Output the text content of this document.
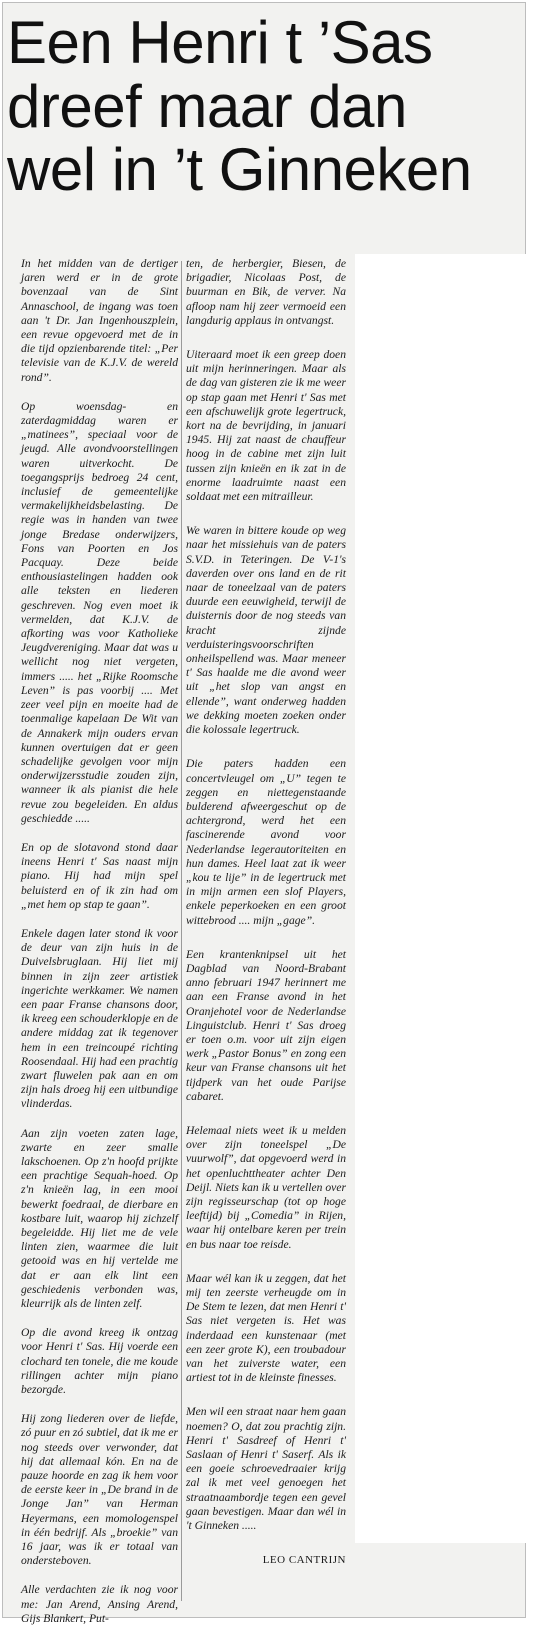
Een Henri t ’Sas
dreef maar dan
wel in ’t Ginneken

In het midden van de dertiger jaren werd er in de grote bovenzaal van de Sint Annaschool, de ingang was toen aan 't Dr. Jan Ingenhouszplein, een revue opgevoerd met de in die tijd opzienbarende titel: „Per televisie van de K.J.V. de wereld rond”.

Op woensdag- en zaterdagmiddag waren er „matinees”, speciaal voor de jeugd. Alle avondvoorstellingen waren uitverkocht. De toegangsprijs bedroeg 24 cent, inclusief de gemeentelijke vermakelijkheidsbelasting. De regie was in handen van twee jonge Bredase onderwijzers, Fons van Poorten en Jos Pacquay. Deze beide enthousiastelingen hadden ook alle teksten en liederen geschreven. Nog even moet ik vermelden, dat K.J.V. de afkorting was voor Katholieke Jeugdvereniging. Maar dat was u wellicht nog niet vergeten, immers ..... het „Rijke Roomsche Leven” is pas voorbij .... Met zeer veel pijn en moeite had de toenmalige kapelaan De Wit van de Annakerk mijn ouders ervan kunnen overtuigen dat er geen schadelijke gevolgen voor mijn onderwijzersstudie zouden zijn, wanneer ik als pianist die hele revue zou begeleiden. En aldus geschiedde .....

En op de slotavond stond daar ineens Henri t' Sas naast mijn piano. Hij had mijn spel beluisterd en of ik zin had om „met hem op stap te gaan”.

Enkele dagen later stond ik voor de deur van zijn huis in de Duivelsbruglaan. Hij liet mij binnen in zijn zeer artistiek ingerichte werkkamer. We namen een paar Franse chansons door, ik kreeg een schouderklopje en de andere middag zat ik tegenover hem in een treincoupé richting Roosendaal. Hij had een prachtig zwart fluwelen pak aan en om zijn hals droeg hij een uitbundige vlinderdas.

Aan zijn voeten zaten lage, zwarte en zeer smalle lakschoenen. Op z'n hoofd prijkte een prachtige Sequah-hoed. Op z'n knieën lag, in een mooi bewerkt foedraal, de dierbare en kostbare luit, waarop hij zichzelf begeleidde. Hij liet me de vele linten zien, waarmee die luit getooid was en hij vertelde me dat er aan elk lint een geschiedenis verbonden was, kleurrijk als de linten zelf.

Op die avond kreeg ik ontzag voor Henri t' Sas. Hij voerde een clochard ten tonele, die me koude rillingen achter mijn piano bezorgde.

Hij zong liederen over de liefde, zó puur en zó subtiel, dat ik me er nog steeds over verwonder, dat hij dat allemaal kón. En na de pauze hoorde en zag ik hem voor de eerste keer in „De brand in de Jonge Jan” van Herman Heyermans, een momologenspel in één bedrijf. Als „broekie” van 16 jaar, was ik er totaal van ondersteboven.

Alle verdachten zie ik nog voor me: Jan Arend, Ansing Arend, Gijs Blankert, Put-

ten, de herbergier, Biesen, de brigadier, Nicolaas Post, de buurman en Bik, de verver. Na afloop nam hij zeer vermoeid een langdurig applaus in ontvangst.

Uiteraard moet ik een greep doen uit mijn herinneringen. Maar als de dag van gisteren zie ik me weer op stap gaan met Henri t' Sas met een afschuwelijk grote legertruck, kort na de bevrijding, in januari 1945. Hij zat naast de chauffeur hoog in de cabine met zijn luit tussen zijn knieën en ik zat in de enorme laadruimte naast een soldaat met een mitrailleur.

We waren in bittere koude op weg naar het missiehuis van de paters S.V.D. in Teteringen. De V-1's daverden over ons land en de rit naar de toneelzaal van de paters duurde een eeuwigheid, terwijl de duisternis door de nog steeds van kracht zijnde verduisteringsvoorschriften onheilspellend was. Maar meneer t' Sas haalde me die avond weer uit „het slop van angst en ellende”, want onderweg hadden we dekking moeten zoeken onder die kolossale legertruck.

Die paters hadden een concertvleugel om „U” tegen te zeggen en niettegenstaande bulderend afweergeschut op de achtergrond, werd het een fascinerende avond voor Nederlandse legerautoriteiten en hun dames. Heel laat zat ik weer „kou te lije” in de legertruck met in mijn armen een slof Players, enkele peperkoeken en een groot wittebrood .... mijn „gage”.

Een krantenknipsel uit het Dagblad van Noord-Brabant anno februari 1947 herinnert me aan een Franse avond in het Oranjehotel voor de Nederlandse Linguistclub. Henri t' Sas droeg er toen o.m. voor uit zijn eigen werk „Pastor Bonus” en zong een keur van Franse chansons uit het tijdperk van het oude Parijse cabaret.

Helemaal niets weet ik u melden over zijn toneelspel „De vuurwolf”, dat opgevoerd werd in het openluchttheater achter Den Deijl. Niets kan ik u vertellen over zijn regisseurschap (tot op hoge leeftijd) bij „Comedia” in Rijen, waar hij ontelbare keren per trein en bus naar toe reisde.

Maar wél kan ik u zeggen, dat het mij ten zeerste verheugde om in De Stem te lezen, dat men Henri t' Sas niet vergeten is. Het was inderdaad een kunstenaar (met een zeer grote K), een troubadour van het zuiverste water, een artiest tot in de kleinste finesses.

Men wil een straat naar hem gaan noemen? O, dat zou prachtig zijn. Henri t' Sasdreef of Henri t' Saslaan of Henri t' Saserf. Als ik een goeie schroevedraaier krijg zal ik met veel genoegen het straatnaambordje tegen een gevel gaan bevestigen. Maar dan wél in 't Ginneken .....

LEO CANTRIJN
